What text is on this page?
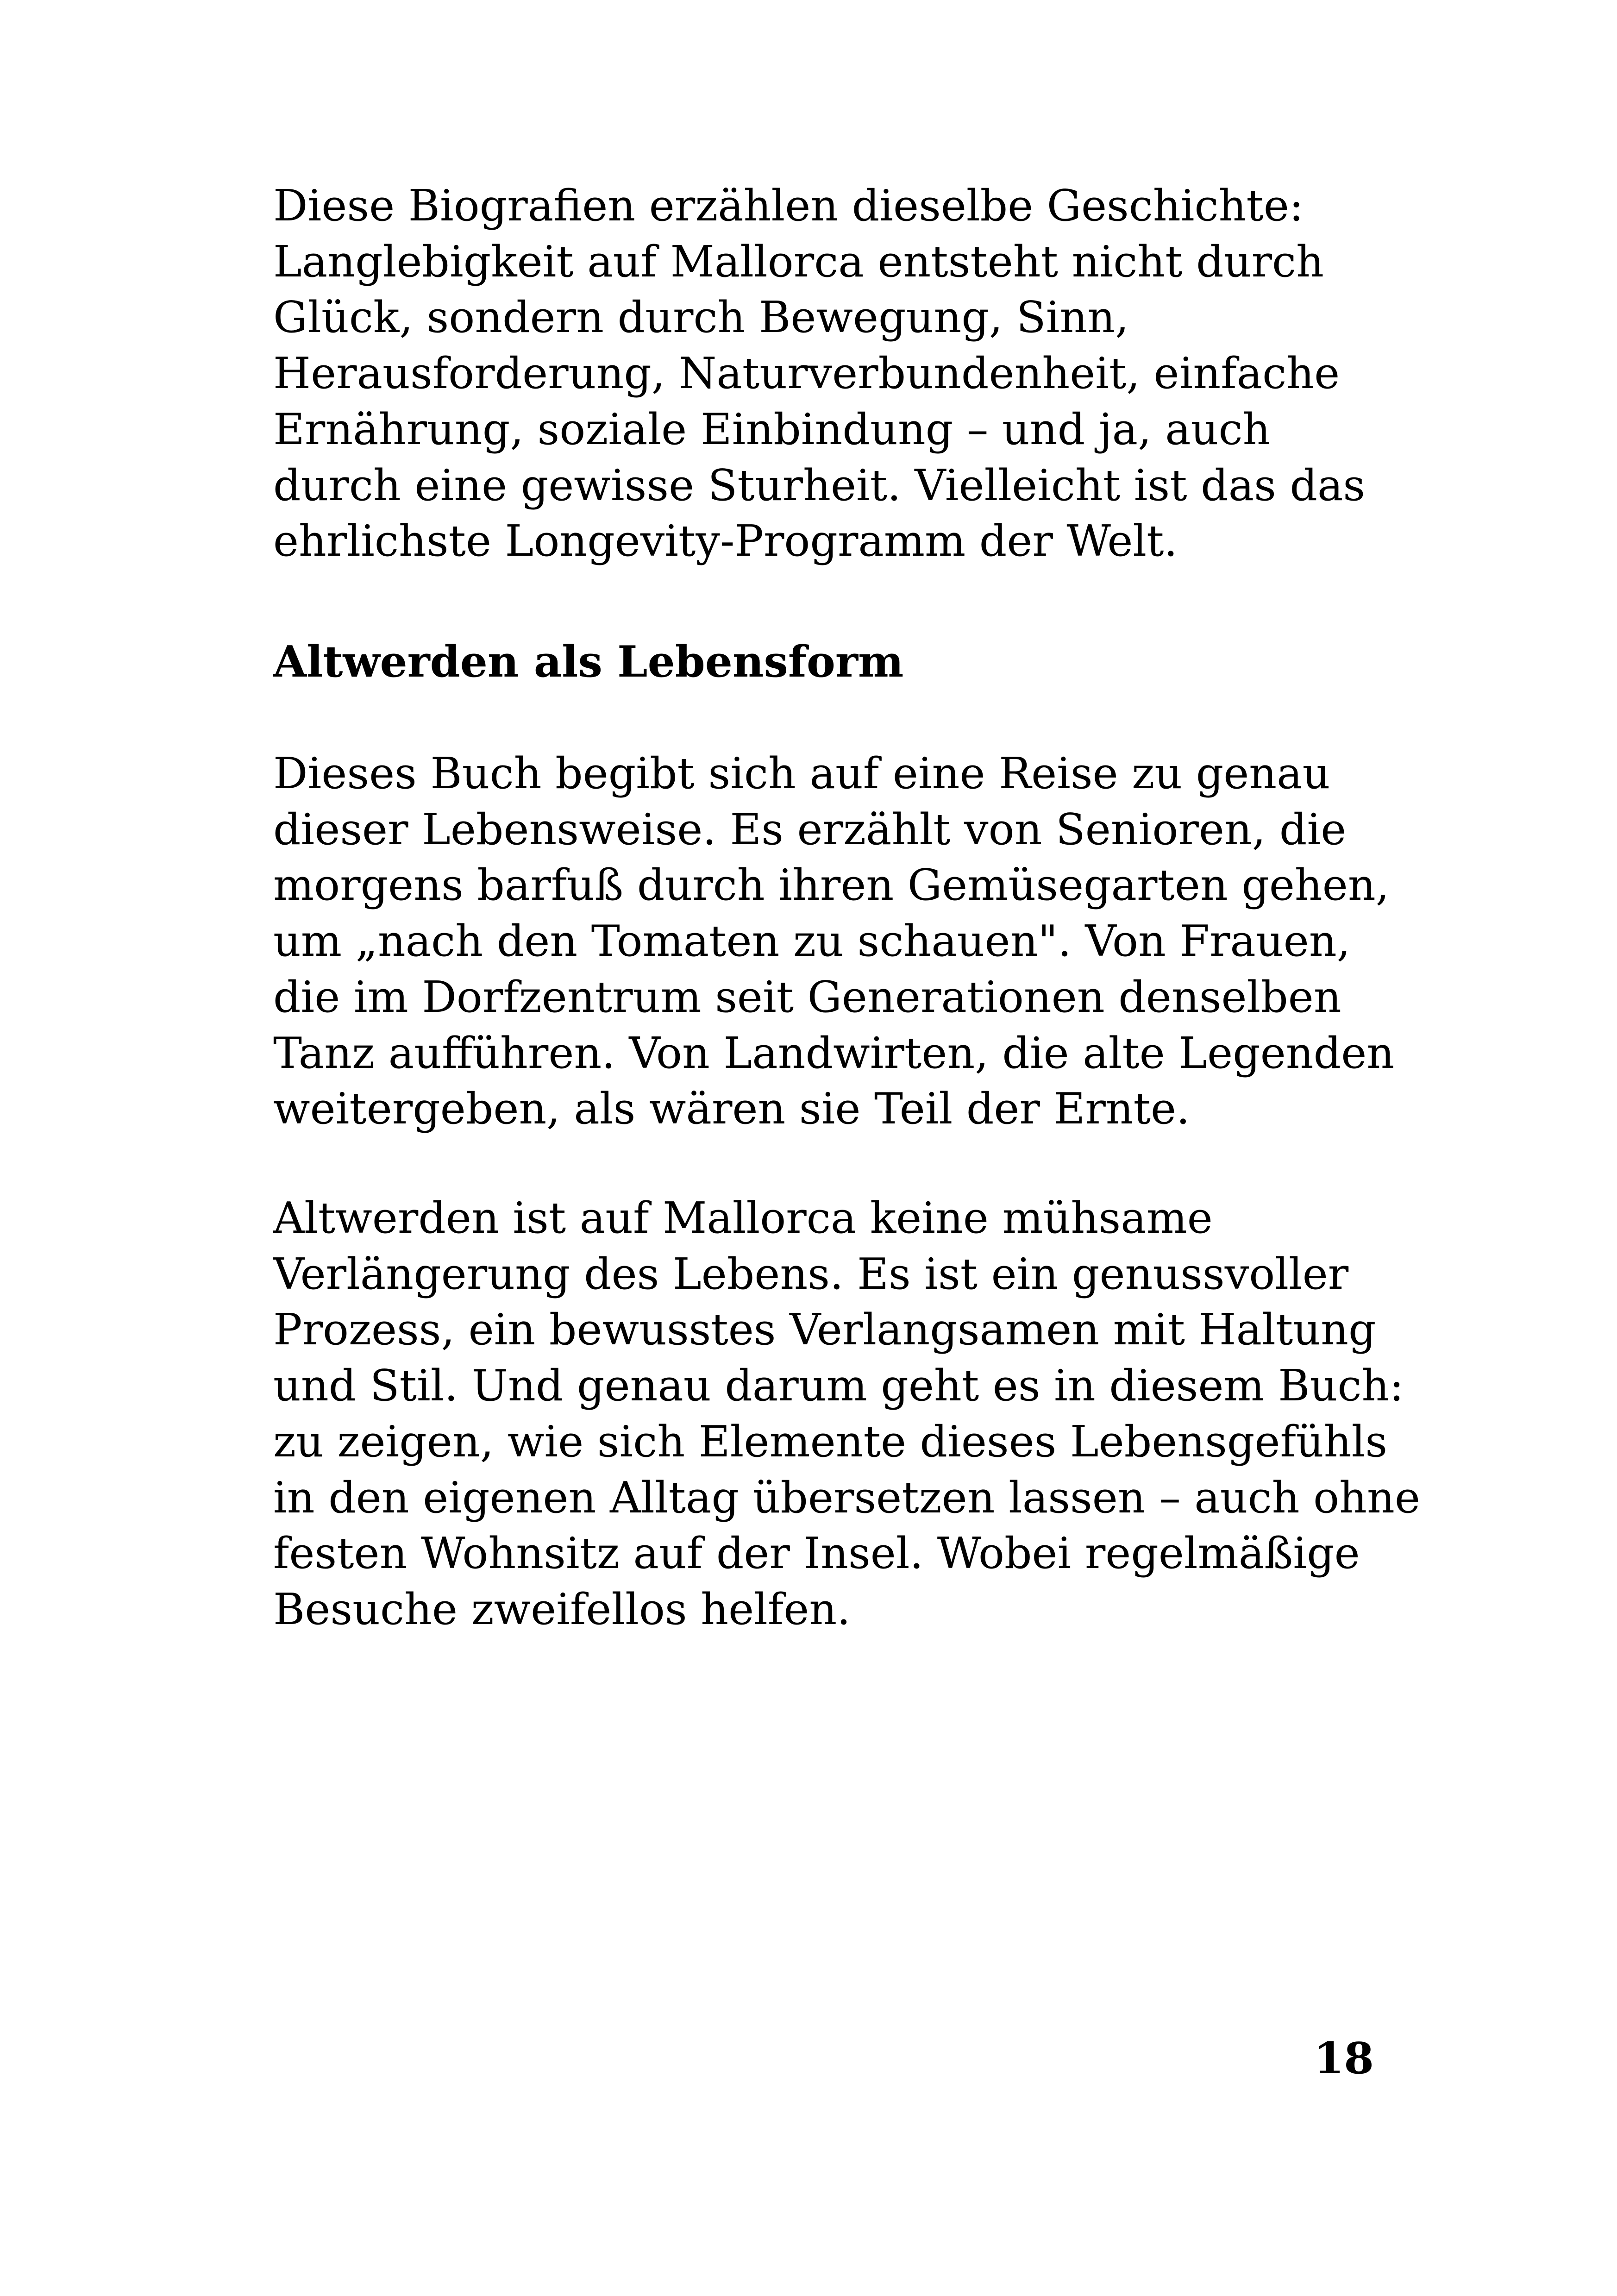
Diese Biografien erzählen dieselbe Geschichte:
Langlebigkeit auf Mallorca entsteht nicht durch
Glück, sondern durch Bewegung, Sinn,
Herausforderung, Naturverbundenheit, einfache
Ernährung, soziale Einbindung – und ja, auch
durch eine gewisse Sturheit. Vielleicht ist das das
ehrlichste Longevity-Programm der Welt.
Altwerden als Lebensform
Dieses Buch begibt sich auf eine Reise zu genau
dieser Lebensweise. Es erzählt von Senioren, die
morgens barfuß durch ihren Gemüsegarten gehen,
um „nach den Tomaten zu schauen". Von Frauen,
die im Dorfzentrum seit Generationen denselben
Tanz aufführen. Von Landwirten, die alte Legenden
weitergeben, als wären sie Teil der Ernte.
Altwerden ist auf Mallorca keine mühsame
Verlängerung des Lebens. Es ist ein genussvoller
Prozess, ein bewusstes Verlangsamen mit Haltung
und Stil. Und genau darum geht es in diesem Buch:
zu zeigen, wie sich Elemente dieses Lebensgefühls
in den eigenen Alltag übersetzen lassen – auch ohne
festen Wohnsitz auf der Insel. Wobei regelmäßige
Besuche zweifellos helfen.
18
